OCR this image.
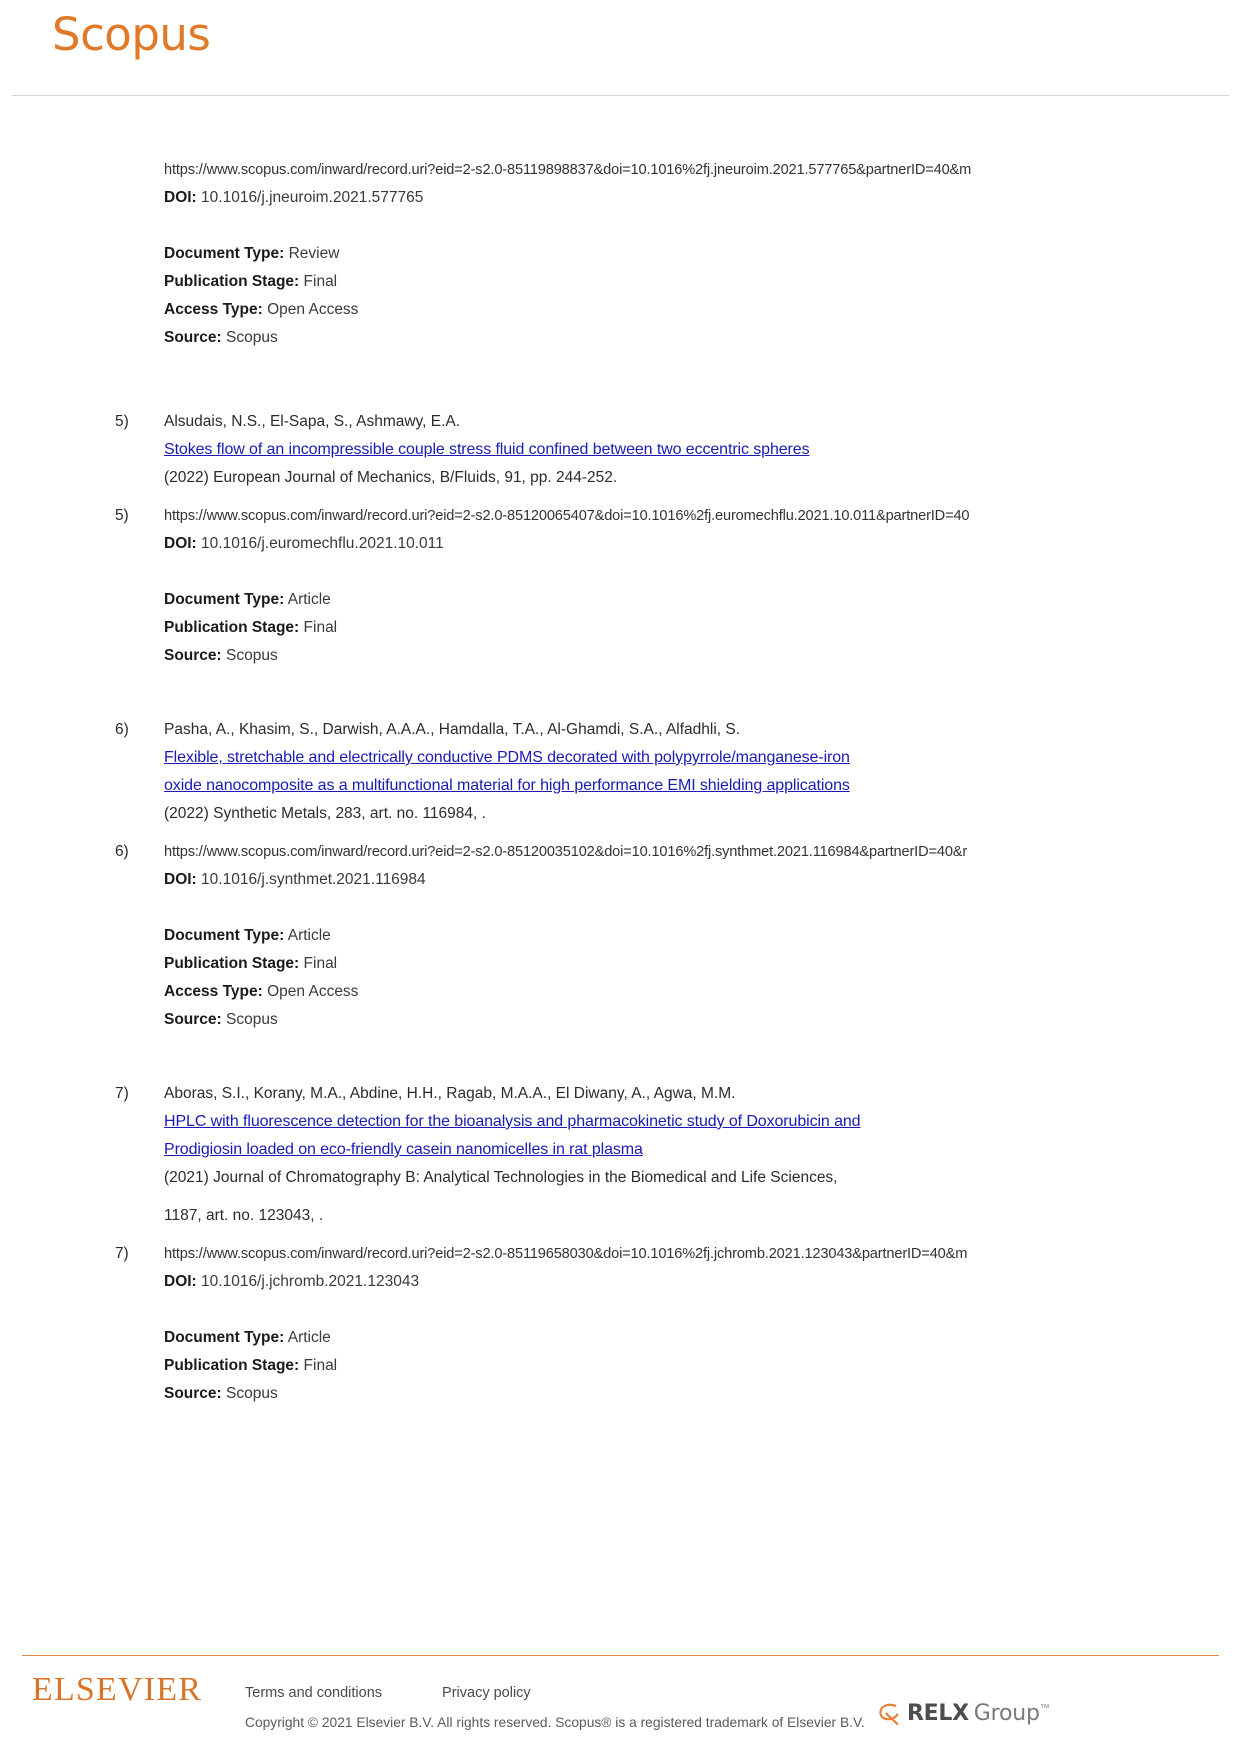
Scopus
https://www.scopus.com/inward/record.uri?eid=2-s2.0-85119898837&doi=10.1016%2fj.jneuroim.2021.577765&partnerID=40&m
DOI: 10.1016/j.jneuroim.2021.577765
Document Type: Review
Publication Stage: Final
Access Type: Open Access
Source: Scopus
5)	Alsudais, N.S., El-Sapa, S., Ashmawy, E.A.
Stokes flow of an incompressible couple stress fluid confined between two eccentric spheres
(2022) European Journal of Mechanics, B/Fluids, 91, pp. 244-252.
5)	https://www.scopus.com/inward/record.uri?eid=2-s2.0-85120065407&doi=10.1016%2fj.euromechflu.2021.10.011&partnerID=40
DOI: 10.1016/j.euromechflu.2021.10.011
Document Type: Article
Publication Stage: Final
Source: Scopus
6)	Pasha, A., Khasim, S., Darwish, A.A.A., Hamdalla, T.A., Al-Ghamdi, S.A., Alfadhli, S.
Flexible, stretchable and electrically conductive PDMS decorated with polypyrrole/manganese-iron
oxide nanocomposite as a multifunctional material for high performance EMI shielding applications
(2022) Synthetic Metals, 283, art. no. 116984, .
6)	https://www.scopus.com/inward/record.uri?eid=2-s2.0-85120035102&doi=10.1016%2fj.synthmet.2021.116984&partnerID=40&r
DOI: 10.1016/j.synthmet.2021.116984
Document Type: Article
Publication Stage: Final
Access Type: Open Access
Source: Scopus
7)	Aboras, S.I., Korany, M.A., Abdine, H.H., Ragab, M.A.A., El Diwany, A., Agwa, M.M.
HPLC with fluorescence detection for the bioanalysis and pharmacokinetic study of Doxorubicin and
Prodigiosin loaded on eco-friendly casein nanomicelles in rat plasma
(2021) Journal of Chromatography B: Analytical Technologies in the Biomedical and Life Sciences,
1187, art. no. 123043, .
7)	https://www.scopus.com/inward/record.uri?eid=2-s2.0-85119658030&doi=10.1016%2fj.jchromb.2021.123043&partnerID=40&m
DOI: 10.1016/j.jchromb.2021.123043
Document Type: Article
Publication Stage: Final
Source: Scopus
ELSEVIER	Terms and conditions	Privacy policy
Copyright © 2021 Elsevier B.V. All rights reserved. Scopus® is a registered trademark of Elsevier B.V. RELX Group ™
